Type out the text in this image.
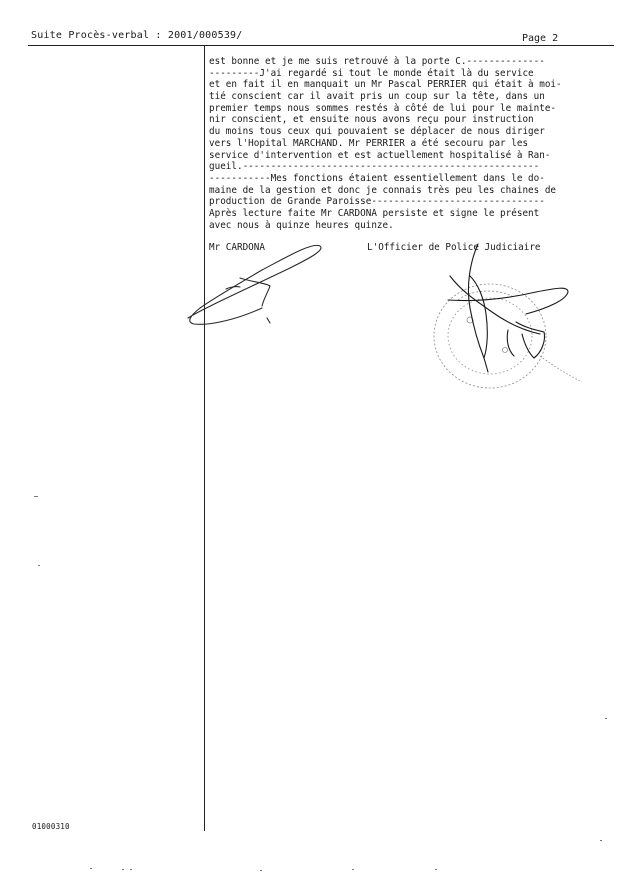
Suite Procès-verbal : 2001/000539/	Page 2
est bonne et je me suis retrouvé à la porte C.--------------
---------J'ai regardé si tout le monde était là du service
et en fait il en manquait un Mr Pascal PERRIER qui était à moi-
tié conscient car il avait pris un coup sur la tête, dans un
premier temps nous sommes restés à côté de lui pour le mainte-
nir conscient, et ensuite nous avons reçu pour instruction
du moins tous ceux qui pouvaient se déplacer de nous diriger
vers l'Hopital MARCHAND. Mr PERRIER a été secouru par les
service d'intervention et est actuellement hospitalisé à Ran-
gueil.-----------------------------------------------------
-----------Mes fonctions étaient essentiellement dans le do-
maine de la gestion et donc je connais très peu les chaines de
production de Grande Paroisse-------------------------------
Après lecture faite Mr CARDONA persiste et signe le présent
avec nous à quinze heures quinze.
Mr CARDONA	L'Officier de Police Judiciaire
01000310
